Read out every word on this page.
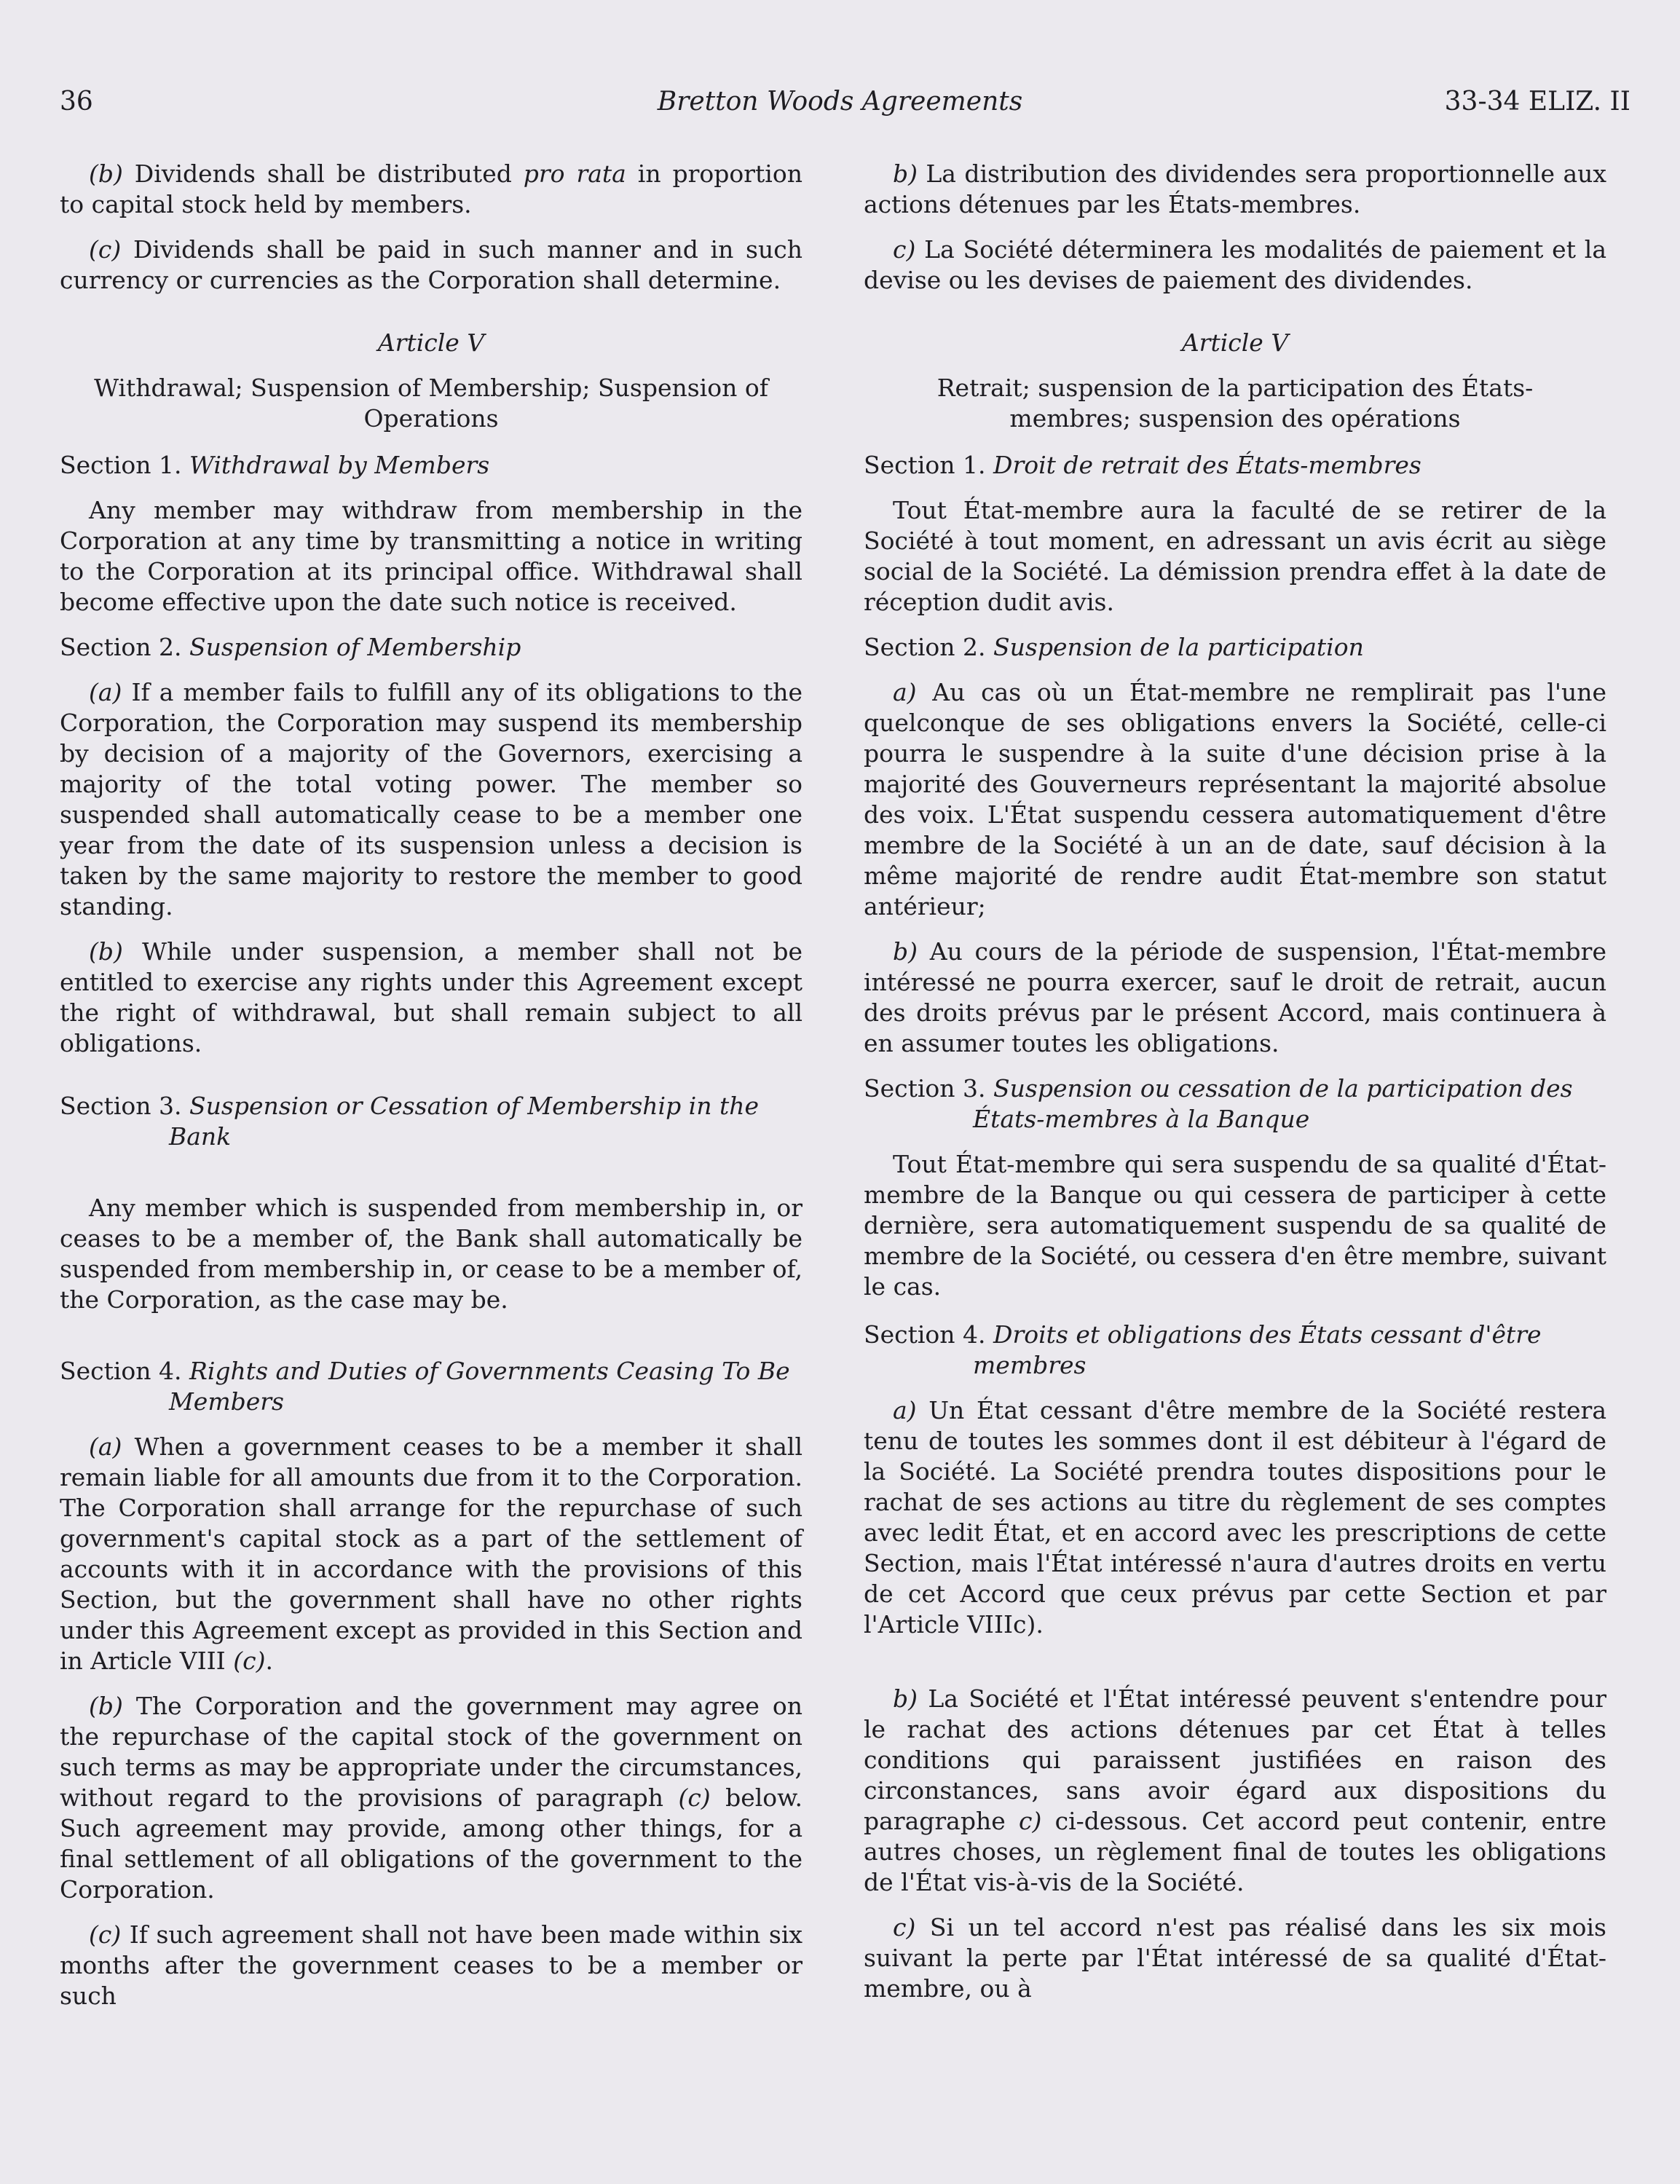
36	Bretton Woods Agreements	33-34 ELIZ. II

(b) Dividends shall be distributed pro rata in proportion to capital stock held by members.

(c) Dividends shall be paid in such manner and in such currency or currencies as the Corporation shall determine.

Article V

Withdrawal; Suspension of Membership; Suspension of Operations

Section 1. Withdrawal by Members

Any member may withdraw from membership in the Corporation at any time by transmitting a notice in writing to the Corporation at its principal office. Withdrawal shall become effective upon the date such notice is received.

Section 2. Suspension of Membership

(a) If a member fails to fulfill any of its obligations to the Corporation, the Corporation may suspend its membership by decision of a majority of the Governors, exercising a majority of the total voting power. The member so suspended shall automatically cease to be a member one year from the date of its suspension unless a decision is taken by the same majority to restore the member to good standing.

(b) While under suspension, a member shall not be entitled to exercise any rights under this Agreement except the right of withdrawal, but shall remain subject to all obligations.

Section 3. Suspension or Cessation of Membership in the Bank

Any member which is suspended from membership in, or ceases to be a member of, the Bank shall automatically be suspended from membership in, or cease to be a member of, the Corporation, as the case may be.

Section 4. Rights and Duties of Governments Ceasing To Be Members

(a) When a government ceases to be a member it shall remain liable for all amounts due from it to the Corporation. The Corporation shall arrange for the repurchase of such government's capital stock as a part of the settlement of accounts with it in accordance with the provisions of this Section, but the government shall have no other rights under this Agreement except as provided in this Section and in Article VIII (c).

(b) The Corporation and the government may agree on the repurchase of the capital stock of the government on such terms as may be appropriate under the circumstances, without regard to the provisions of paragraph (c) below. Such agreement may provide, among other things, for a final settlement of all obligations of the government to the Corporation.

(c) If such agreement shall not have been made within six months after the government ceases to be a member or such

b) La distribution des dividendes sera proportionnelle aux actions détenues par les États-membres.

c) La Société déterminera les modalités de paiement et la devise ou les devises de paiement des dividendes.

Article V

Retrait; suspension de la participation des États-membres; suspension des opérations

Section 1. Droit de retrait des États-membres

Tout État-membre aura la faculté de se retirer de la Société à tout moment, en adressant un avis écrit au siège social de la Société. La démission prendra effet à la date de réception dudit avis.

Section 2. Suspension de la participation

a) Au cas où un État-membre ne remplirait pas l'une quelconque de ses obligations envers la Société, celle-ci pourra le suspendre à la suite d'une décision prise à la majorité des Gouverneurs représentant la majorité absolue des voix. L'État suspendu cessera automatiquement d'être membre de la Société à un an de date, sauf décision à la même majorité de rendre audit État-membre son statut antérieur;

b) Au cours de la période de suspension, l'État-membre intéressé ne pourra exercer, sauf le droit de retrait, aucun des droits prévus par le présent Accord, mais continuera à en assumer toutes les obligations.

Section 3. Suspension ou cessation de la participation des États-membres à la Banque

Tout État-membre qui sera suspendu de sa qualité d'État-membre de la Banque ou qui cessera de participer à cette dernière, sera automatiquement suspendu de sa qualité de membre de la Société, ou cessera d'en être membre, suivant le cas.

Section 4. Droits et obligations des États cessant d'être membres

a) Un État cessant d'être membre de la Société restera tenu de toutes les sommes dont il est débiteur à l'égard de la Société. La Société prendra toutes dispositions pour le rachat de ses actions au titre du règlement de ses comptes avec ledit État, et en accord avec les prescriptions de cette Section, mais l'État intéressé n'aura d'autres droits en vertu de cet Accord que ceux prévus par cette Section et par l'Article VIIIc).

b) La Société et l'État intéressé peuvent s'entendre pour le rachat des actions détenues par cet État à telles conditions qui paraissent justifiées en raison des circonstances, sans avoir égard aux dispositions du paragraphe c) ci-dessous. Cet accord peut contenir, entre autres choses, un règlement final de toutes les obligations de l'État vis-à-vis de la Société.

c) Si un tel accord n'est pas réalisé dans les six mois suivant la perte par l'État intéressé de sa qualité d'État-membre, ou à
